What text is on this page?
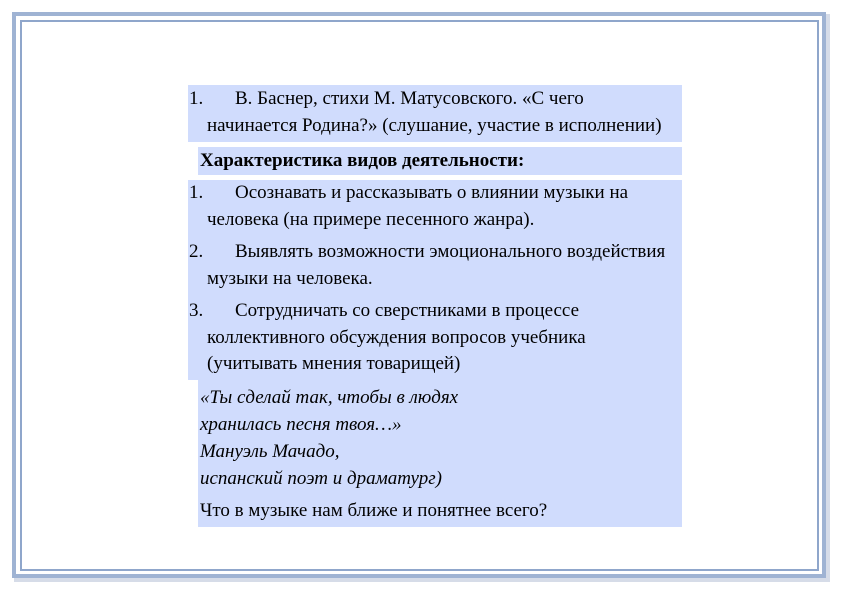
1.	В. Баснер, стихи М. Матусовского. «С чего начинается Родина?» (слушание, участие в исполнении)
Характеристика видов деятельности:
1.	Осознавать и рассказывать о влиянии музыки на человека (на примере песенного жанра).
2.	Выявлять возможности эмоционального воздействия музыки на человека.
3.	Сотрудничать со сверстниками в процессе коллективного обсуждения вопросов учебника (учитывать мнения товарищей)
«Ты сделай так, чтобы в людях
хранилась песня твоя…»
Мануэль Мачадо,
испанский поэт и драматург)
Что в музыке нам ближе и понятнее всего?
